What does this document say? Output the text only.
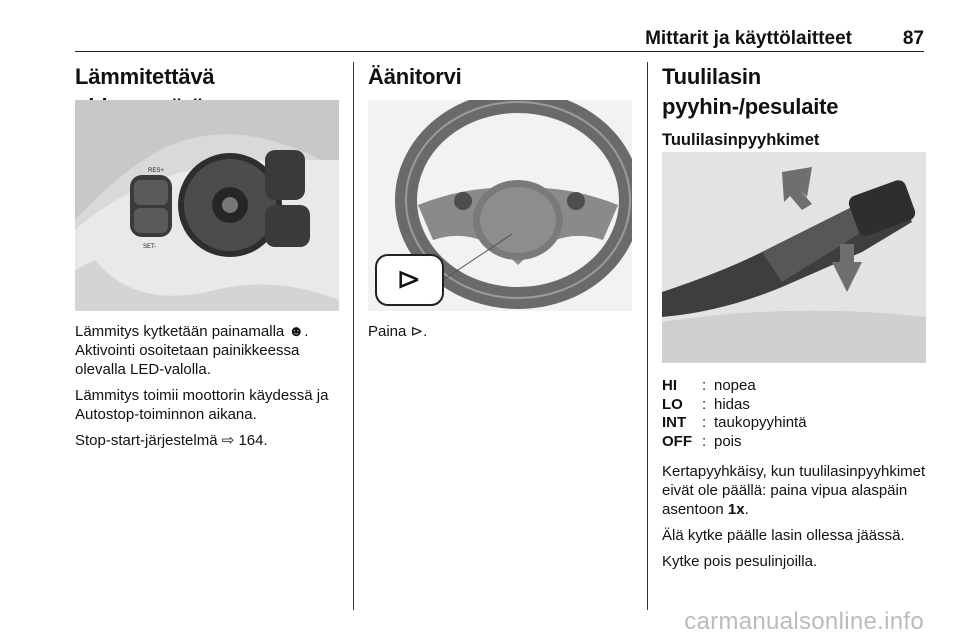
Mittarit ja käyttölaitteet	87
Lämmitettävä
RES+
SET-

Lämmitys kytketään painamalla ☻. Aktivointi osoitetaan painikkeessa olevalla LED-valolla.

Lämmitys toimii moottorin käydessä ja Autostop-toiminnon aikana.

Stop-start-järjestelmä ⇨ 164.

Äänitorvi
⊳

Paina ⊳.

Tuulilasin pyyhin-/pesulaite
Tuulilasinpyyhkimet
HI	: nopea
LO	: hidas
INT	: taukopyyhintä
OFF : pois

Kertapyyhkäisy, kun tuulilasinpyyhkimet eivät ole päällä: paina vipua alaspäin asentoon 1x.

Älä kytke päälle lasin ollessa jäässä.

Kytke pois pesulinjoilla.

carmanualsonline.info
